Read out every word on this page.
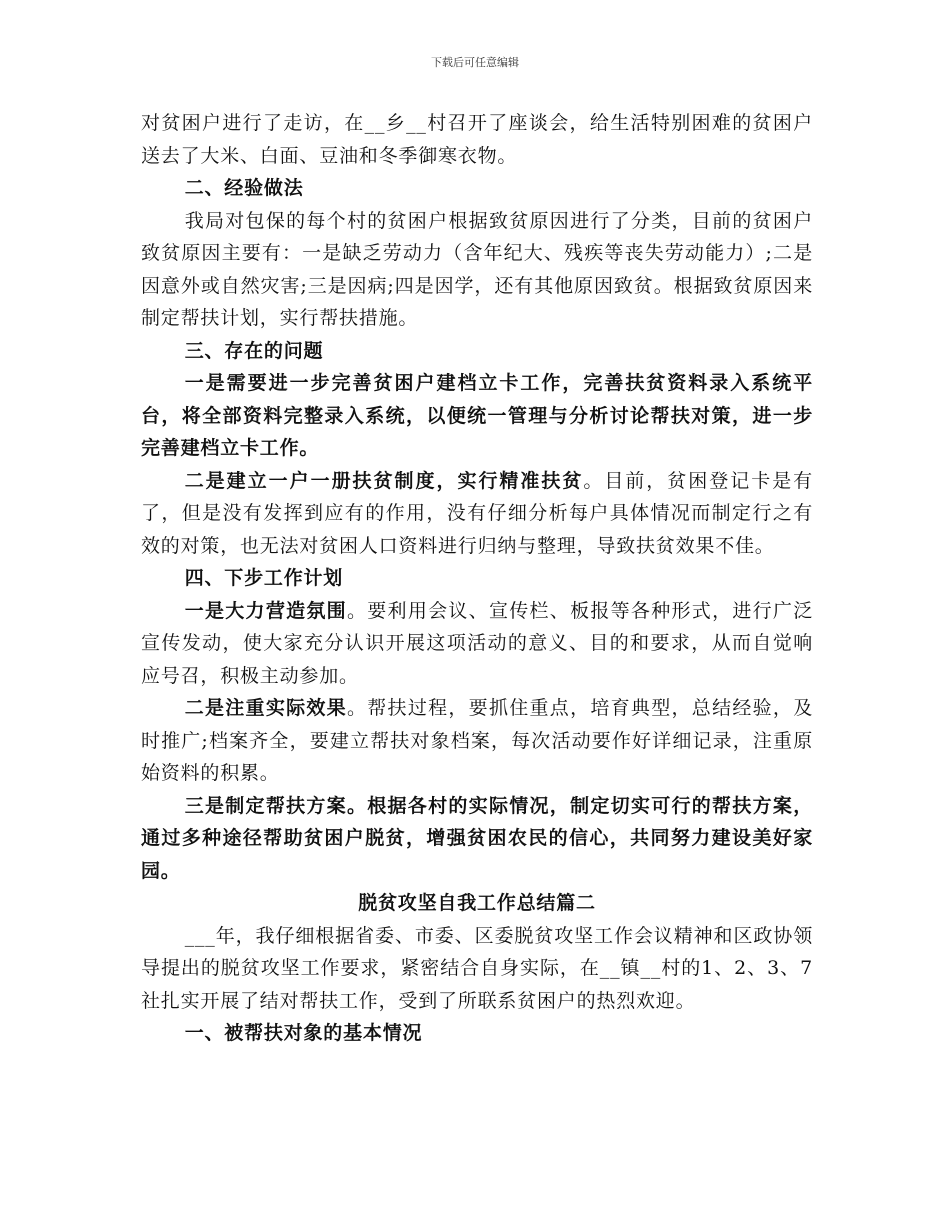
下载后可任意编辑

对贫困户进行了走访，在__乡__村召开了座谈会，给生活特别困难的贫困户送去了大米、白面、豆油和冬季御寒衣物。

二、经验做法

我局对包保的每个村的贫困户根据致贫原因进行了分类，目前的贫困户致贫原因主要有：一是缺乏劳动力（含年纪大、残疾等丧失劳动能力）;二是因意外或自然灾害;三是因病;四是因学，还有其他原因致贫。根据致贫原因来制定帮扶计划，实行帮扶措施。

三、存在的问题

一是需要进一步完善贫困户建档立卡工作，完善扶贫资料录入系统平台，将全部资料完整录入系统，以便统一管理与分析讨论帮扶对策，进一步完善建档立卡工作。

二是建立一户一册扶贫制度，实行精准扶贫。目前，贫困登记卡是有了，但是没有发挥到应有的作用，没有仔细分析每户具体情况而制定行之有效的对策，也无法对贫困人口资料进行归纳与整理，导致扶贫效果不佳。

四、下步工作计划

一是大力营造氛围。要利用会议、宣传栏、板报等各种形式，进行广泛宣传发动，使大家充分认识开展这项活动的意义、目的和要求，从而自觉响应号召，积极主动参加。

二是注重实际效果。帮扶过程，要抓住重点，培育典型，总结经验，及时推广;档案齐全，要建立帮扶对象档案，每次活动要作好详细记录，注重原始资料的积累。

三是制定帮扶方案。根据各村的实际情况，制定切实可行的帮扶方案，通过多种途径帮助贫困户脱贫，增强贫困农民的信心，共同努力建设美好家园。

脱贫攻坚自我工作总结篇二

___年，我仔细根据省委、市委、区委脱贫攻坚工作会议精神和区政协领导提出的脱贫攻坚工作要求，紧密结合自身实际，在__镇__村的1、2、3、7社扎实开展了结对帮扶工作，受到了所联系贫困户的热烈欢迎。

一、被帮扶对象的基本情况
